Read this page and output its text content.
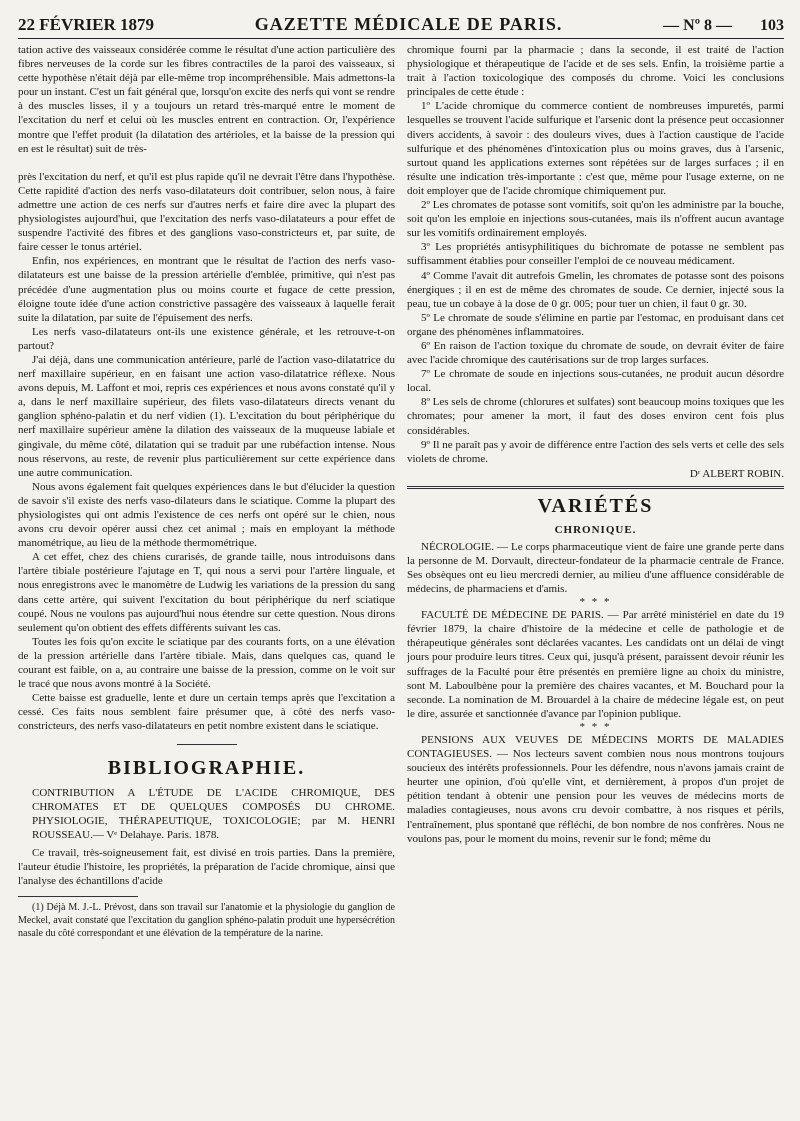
22 FÉVRIER 1879	GAZETTE MÉDICALE DE PARIS.	— Nº 8 — 103

tation active des vaisseaux considérée comme le résultat d'une action particulière des fibres nerveuses de la corde sur les fibres contractiles de la paroi des vaisseaux, si cette hypothèse n'était déjà par elle-même trop incompréhensible. Mais admettons-la pour un instant. C'est un fait général que, lorsqu'on excite des nerfs qui vont se rendre à des muscles lisses, il y a toujours un retard très-marqué entre le moment de l'excitation du nerf et celui où les muscles entrent en contraction. Or, l'expérience montre que l'effet produit (la dilatation des artérioles, et la baisse de la pression qui en est le résultat) suit de très-

près l'excitation du nerf, et qu'il est plus rapide qu'il ne devrait l'être dans l'hypothèse. Cette rapidité d'action des nerfs vaso-dilatateurs doit contribuer, selon nous, à faire admettre une action de ces nerfs sur d'autres nerfs et faire dire avec la plupart des physiologistes aujourd'hui, que l'excitation des nerfs vaso-dilatateurs a pour effet de suspendre l'activité des fibres et des ganglions vaso-constricteurs et, par suite, de faire cesser le tonus artériel.

Enfin, nos expériences, en montrant que le résultat de l'action des nerfs vaso-dilatateurs est une baisse de la pression artérielle d'emblée, primitive, qui n'est pas précédée d'une augmentation plus ou moins courte et fugace de cette pression, éloigne toute idée d'une action constrictive passagère des vaisseaux à laquelle ferait suite la dilatation, par suite de l'épuisement des nerfs.

Les nerfs vaso-dilatateurs ont-ils une existence générale, et les retrouve-t-on partout?

J'ai déjà, dans une communication antérieure, parlé de l'action vaso-dilatatrice du nerf maxillaire supérieur, en en faisant une action vaso-dilatatrice réflexe. Nous avons depuis, M. Laffont et moi, repris ces expériences et nous avons constaté qu'il y a, dans le nerf maxillaire supérieur, des filets vaso-dilatateurs directs venant du ganglion sphéno-palatin et du nerf vidien (1). L'excitation du bout périphérique du nerf maxillaire supérieur amène la dilation des vaisseaux de la muqueuse labiale et gingivale, du même côté, dilatation qui se traduit par une rubéfaction intense. Nous nous réservons, au reste, de revenir plus particulièrement sur cette expérience dans une autre communication.

Nous avons également fait quelques expériences dans le but d'élucider la question de savoir s'il existe des nerfs vaso-dilateurs dans le sciatique. Comme la plupart des physiologistes qui ont admis l'existence de ces nerfs ont opéré sur le chien, nous avons cru devoir opérer aussi chez cet animal ; mais en employant la méthode manométrique, au lieu de la méthode thermométrique.

A cet effet, chez des chiens curarisés, de grande taille, nous introduisons dans l'artère tibiale postérieure l'ajutage en T, qui nous a servi pour l'artère linguale, et nous enregistrons avec le manomètre de Ludwig les variations de la pression du sang dans cette artère, qui suivent l'excitation du bout périphérique du nerf sciatique coupé. Nous ne voulons pas aujourd'hui nous étendre sur cette question. Nous dirons seulement qu'on obtient des effets différents suivant les cas.

Toutes les fois qu'on excite le sciatique par des courants forts, on a une élévation de la pression artérielle dans l'artère tibiale. Mais, dans quelques cas, quand le courant est faible, on a, au contraire une baisse de la pression, comme on le voit sur le tracé que nous avons montré à la Société.

Cette baisse est graduelle, lente et dure un certain temps après que l'excitation a cessé. Ces faits nous semblent faire présumer que, à côté des nerfs vaso-constricteurs, des nerfs vaso-dilatateurs en petit nombre existent dans le sciatique.

BIBLIOGRAPHIE.

CONTRIBUTION A L'ÉTUDE DE L'ACIDE CHROMIQUE, DES CHROMATES ET DE QUELQUES COMPOSÉS DU CHROME. PHYSIOLOGIE, THÉRAPEUTIQUE, TOXICOLOGIE; par M. HENRI ROUSSEAU.— Vᵉ Delahaye. Paris. 1878.

Ce travail, très-soigneusement fait, est divisé en trois parties. Dans la première, l'auteur étudie l'histoire, les propriétés, la préparation de l'acide chromique, ainsi que l'analyse des échantillons d'acide

(1) Déjà M. J.-L. Prévost, dans son travail sur l'anatomie et la physiologie du ganglion de Meckel, avait constaté que l'excitation du ganglion sphéno-palatin produit une hypersécrétion nasale du côté correspondant et une élévation de la température de la narine.

chromique fourni par la pharmacie ; dans la seconde, il est traité de l'action physiologique et thérapeutique de l'acide et de ses sels. Enfin, la troisième partie a trait à l'action toxicologique des composés du chrome. Voici les conclusions principales de cette étude :

1º L'acide chromique du commerce contient de nombreuses impuretés, parmi lesquelles se trouvent l'acide sulfurique et l'arsenic dont la présence peut occasionner divers accidents, à savoir : des douleurs vives, dues à l'action caustique de l'acide sulfurique et des phénomènes d'intoxication plus ou moins graves, dus à l'arsenic, surtout quand les applications externes sont répétées sur de larges surfaces ; il en résulte une indication très-importante : c'est que, même pour l'usage externe, on ne doit employer que de l'acide chromique chimiquement pur.

2º Les chromates de potasse sont vomitifs, soit qu'on les administre par la bouche, soit qu'on les emploie en injections sous-cutanées, mais ils n'offrent aucun avantage sur les vomitifs ordinairement employés.

3º Les propriétés antisyphilitiques du bichromate de potasse ne semblent pas suffisamment établies pour conseiller l'emploi de ce nouveau médicament.

4º Comme l'avait dit autrefois Gmelin, les chromates de potasse sont des poisons énergiques ; il en est de même des chromates de soude. Ce dernier, injecté sous la peau, tue un cobaye à la dose de 0 gr. 005; pour tuer un chien, il faut 0 gr. 30.

5º Le chromate de soude s'élimine en partie par l'estomac, en produisant dans cet organe des phénomènes inflammatoires.

6º En raison de l'action toxique du chromate de soude, on devrait éviter de faire avec l'acide chromique des cautérisations sur de trop larges surfaces.

7º Le chromate de soude en injections sous-cutanées, ne produit aucun désordre local.

8º Les sels de chrome (chlorures et sulfates) sont beaucoup moins toxiques que les chromates; pour amener la mort, il faut des doses environ cent fois plus considérables.

9º Il ne paraît pas y avoir de différence entre l'action des sels verts et celle des sels violets de chrome.

Dʳ ALBERT ROBIN.
VARIÉTÉS
CHRONIQUE.

NÉCROLOGIE. — Le corps pharmaceutique vient de faire une grande perte dans la personne de M. Dorvault, directeur-fondateur de la pharmacie centrale de France. Ses obsèques ont eu lieu mercredi dernier, au milieu d'une affluence considérable de médecins, de pharmaciens et d'amis.

* * *

FACULTÉ DE MÉDECINE DE PARIS. — Par arrêté ministériel en date du 19 février 1879, la chaire d'histoire de la médecine et celle de pathologie et de thérapeutique générales sont déclarées vacantes. Les candidats ont un délai de vingt jours pour produire leurs titres. Ceux qui, jusqu'à présent, paraissent devoir réunir les suffrages de la Faculté pour être présentés en première ligne au choix du ministre, sont M. Laboulbène pour la première des chaires vacantes, et M. Bouchard pour la seconde. La nomination de M. Brouardel à la chaire de médecine légale est, on peut le dire, assurée et sanctionnée d'avance par l'opinion publique.

* * *

PENSIONS AUX VEUVES DE MÉDECINS MORTS DE MALADIES CONTAGIEUSES. — Nos lecteurs savent combien nous nous montrons toujours soucieux des intérêts professionnels. Pour les défendre, nous n'avons jamais craint de heurter une opinion, d'où qu'elle vînt, et dernièrement, à propos d'un projet de pétition tendant à obtenir une pension pour les veuves de médecins morts de maladies contagieuses, nous avons cru devoir combattre, à nos risques et périls, l'entraînement, plus spontané que réfléchi, de bon nombre de nos confrères. Nous ne voulons pas, pour le moment du moins, revenir sur le fond; même du
